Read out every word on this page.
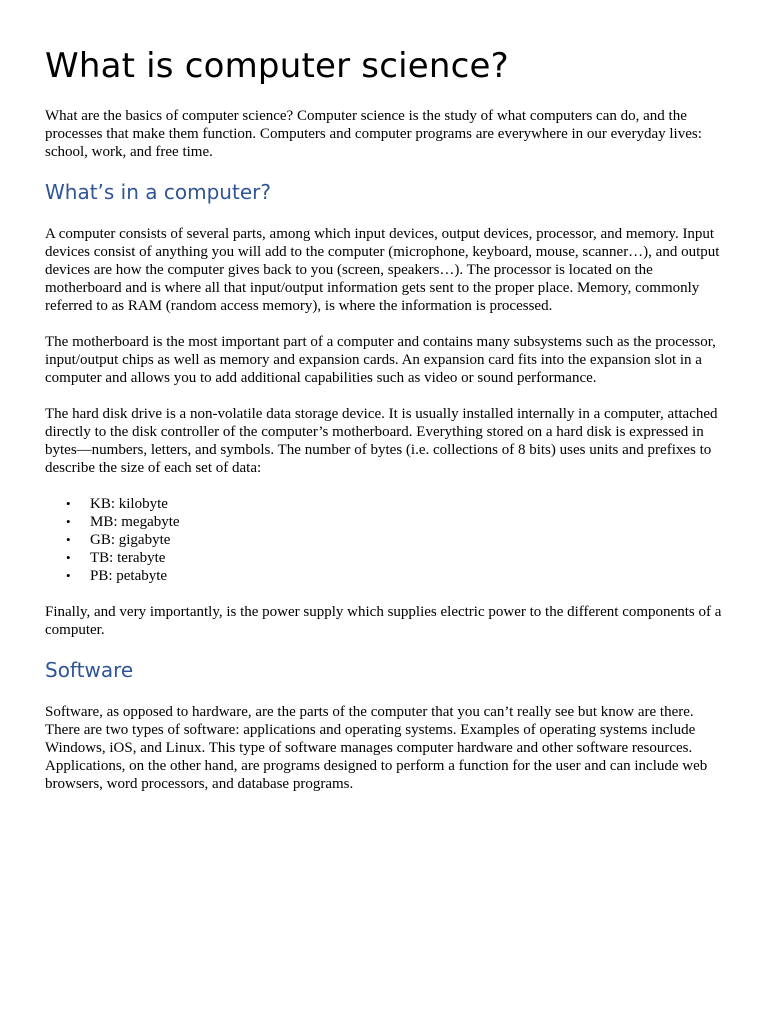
What is computer science?

What are the basics of computer science? Computer science is the study of what computers can do, and the processes that make them function. Computers and computer programs are everywhere in our everyday lives: school, work, and free time.

What’s in a computer?

A computer consists of several parts, among which input devices, output devices, processor, and memory. Input devices consist of anything you will add to the computer (microphone, keyboard, mouse, scanner…), and output devices are how the computer gives back to you (screen, speakers…). The processor is located on the motherboard and is where all that input/output information gets sent to the proper place. Memory, commonly referred to as RAM (random access memory), is where the information is processed.

The motherboard is the most important part of a computer and contains many subsystems such as the processor, input/output chips as well as memory and expansion cards. An expansion card fits into the expansion slot in a computer and allows you to add additional capabilities such as video or sound performance.

The hard disk drive is a non-volatile data storage device. It is usually installed internally in a computer, attached directly to the disk controller of the computer’s motherboard. Everything stored on a hard disk is expressed in bytes—numbers, letters, and symbols. The number of bytes (i.e. collections of 8 bits) uses units and prefixes to describe the size of each set of data:

• KB: kilobyte
• MB: megabyte
• GB: gigabyte
• TB: terabyte
• PB: petabyte

Finally, and very importantly, is the power supply which supplies electric power to the different components of a computer.

Software

Software, as opposed to hardware, are the parts of the computer that you can’t really see but know are there. There are two types of software: applications and operating systems. Examples of operating systems include Windows, iOS, and Linux. This type of software manages computer hardware and other software resources. Applications, on the other hand, are programs designed to perform a function for the user and can include web browsers, word processors, and database programs.
